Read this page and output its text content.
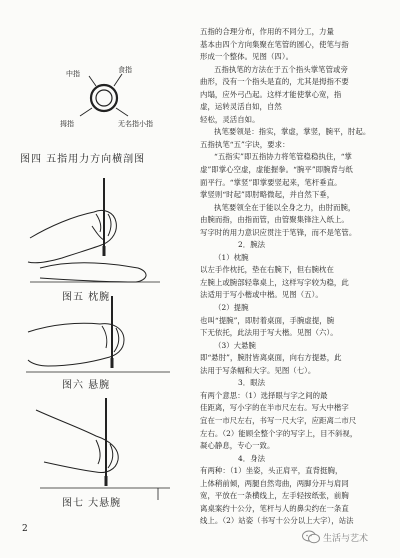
中指	食指
拇指	无名指小指
图四 五指用力方向横剖图
图五 枕腕
图六 悬腕
图七 大悬腕
五指的合理分布，作用的不同分工，力量
基本由四个方向集聚在笔管的圆心，使笔与指
形成一个整体。见图（四）。
五指执笔的方法在于五个指头掌笔管或旁
曲形，没有一个指头是直的，尤其是拇指不要
内塌，应外弓凸起。这样才能使掌心宽，指
虚，运转灵活自如，自然
轻松，灵活自如。
执笔要领是：指实，掌虚，掌竖，腕平，肘起。
五指执笔“五”字诀，要求：
“五指实”即五指协力将笔管稳稳执住，“掌
虚”即掌心空虚，虚能握拳。“腕平”即腕背与纸
面平行。“掌竖”即掌要竖起来，笔杆垂直。
掌竖则“时起”即肘略微起，并自然下垂，
执笔要领全在于能以全身之力，由肘而腕，
由腕而指，由指而管，由管聚集锋注入纸上。
写字时的用力意识应贯注于笔锋，而不是笔管。
2．腕法
（1）枕腕
以左手作枕托，垫在右腕下，但右腕枕在
左腕上或腕部轻靠桌上，这样写字较为稳，此
法适用于写小楷或中楷。见图（五）。
（2）提腕
也叫“提腕”，即肘着桌面，手腕虚提，腕
下无依托，此法用于写大楷。见图（六）。
（3）大悬腕
即“悬肘”，腕肘皆离桌面，向右方提悬，此
法用于写条幅和大字。见图（七）。
3．眼法
有两个意思：（1）选择眼与字之间的最
佳距离，写小字的在半市尺左右。写大中楷字
宜在一市尺左右，书写一尺大字，应距离二市尺
左右。（2）能顾全整个字的写字上，目不斜视，
凝心静息，专心一致。
4．身法
有两种：（1）坐姿，头正肩平，直背挺胸，
上体稍前倾，两腿自然弯曲，两脚分开与肩同
宽，平放在一条横线上，左手轻按纸张，前胸
离桌案约十公分，笔杆与人的鼻尖约在一条直
线上。（2）站姿（书写十公分以上大字），站法
2
生活与艺术
